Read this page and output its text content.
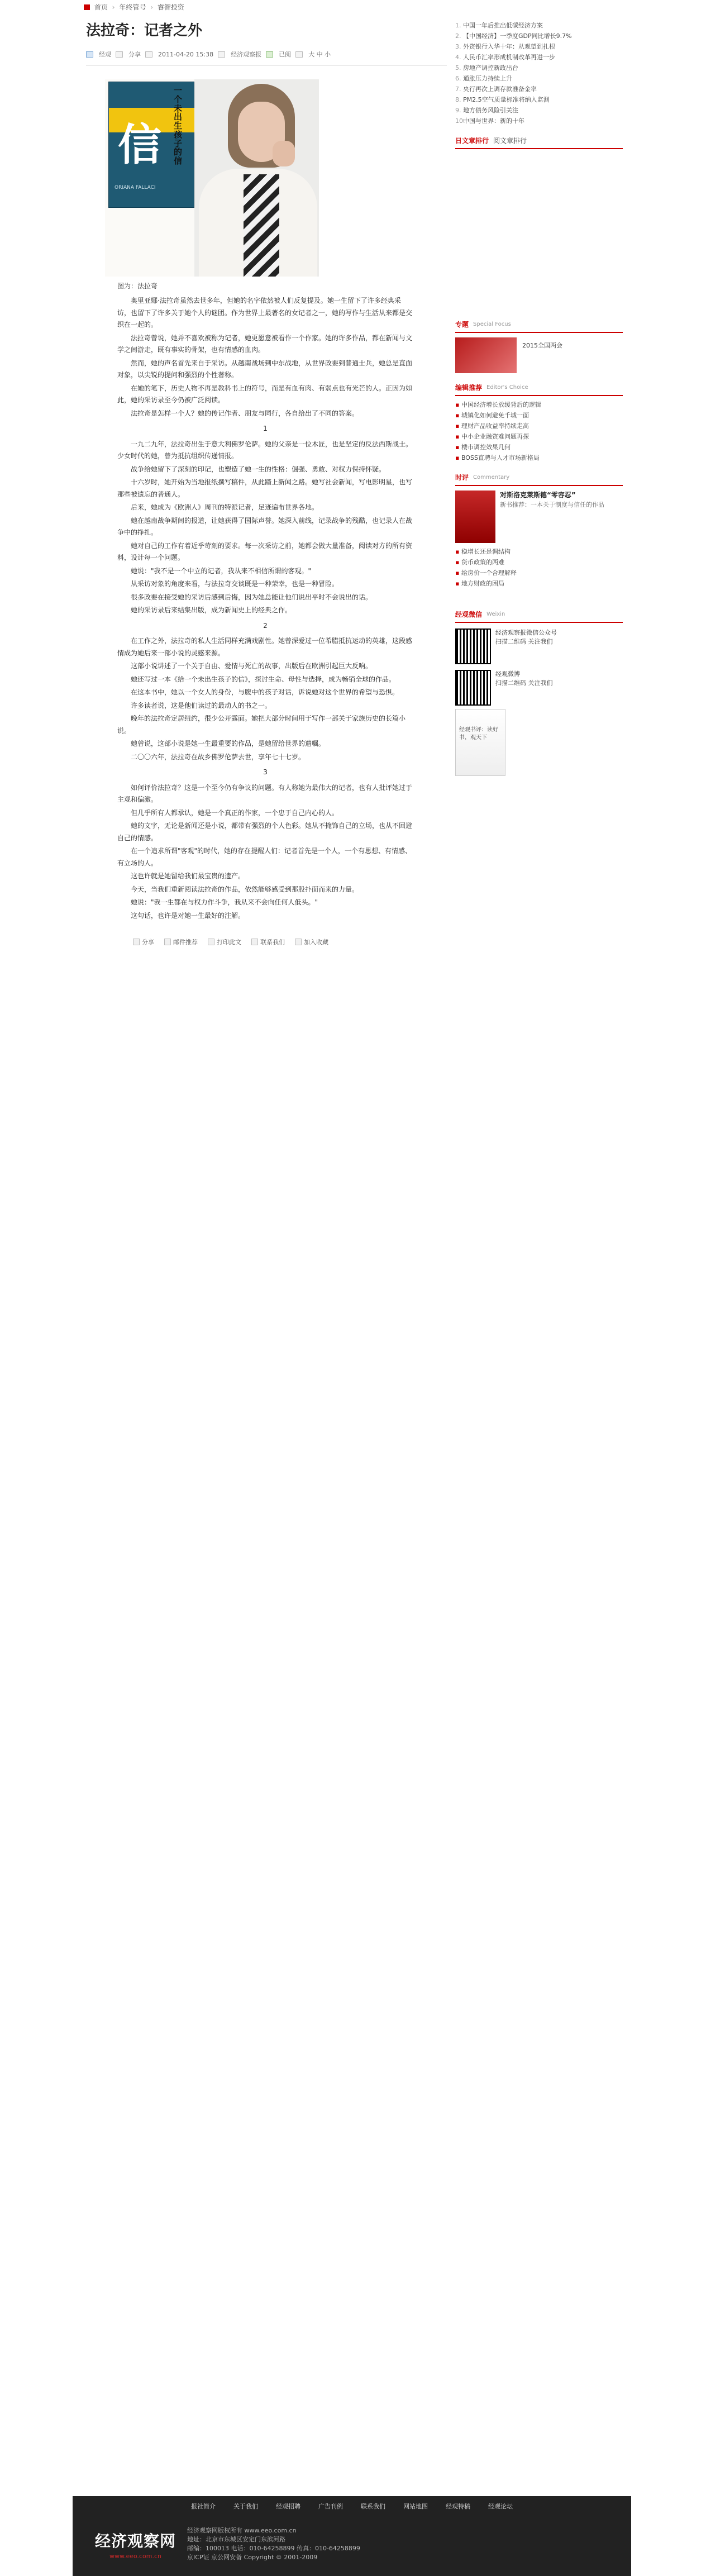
首页 › 年终管号 › 睿智投资
法拉奇：记者之外
经观	分享	2011-04-20 15:38	经济观察报	已阅	大 中 小
信
一个未出生孩子的信
ORIANA FALLACI
图为：法拉奇

奥里亚娜·法拉奇虽然去世多年，但她的名字依然被人们反复提及。她一生留下了许多经典采访，也留下了许多关于她个人的谜团。作为世界上最著名的女记者之一，她的写作与生活从来都是交织在一起的。

法拉奇曾说，她并不喜欢被称为记者，她更愿意被看作一个作家。她的许多作品，都在新闻与文学之间游走，既有事实的骨架，也有情感的血肉。

然而，她的声名首先来自于采访。从越南战场到中东战地，从世界政要到普通士兵，她总是直面对象，以尖锐的提问和强烈的个性著称。

在她的笔下，历史人物不再是教科书上的符号，而是有血有肉、有弱点也有光芒的人。正因为如此，她的采访录至今仍被广泛阅读。

法拉奇是怎样一个人？她的传记作者、朋友与同行，各自给出了不同的答案。

1

一九二九年，法拉奇出生于意大利佛罗伦萨。她的父亲是一位木匠，也是坚定的反法西斯战士。少女时代的她，曾为抵抗组织传递情报。

战争给她留下了深刻的印记，也塑造了她一生的性格：倔强、勇敢、对权力保持怀疑。

十六岁时，她开始为当地报纸撰写稿件，从此踏上新闻之路。她写社会新闻，写电影明星，也写那些被遗忘的普通人。

后来，她成为《欧洲人》周刊的特派记者，足迹遍布世界各地。

她在越南战争期间的报道，让她获得了国际声誉。她深入前线，记录战争的残酷，也记录人在战争中的挣扎。

她对自己的工作有着近乎苛刻的要求。每一次采访之前，她都会做大量准备，阅读对方的所有资料，设计每一个问题。

她说："我不是一个中立的记者，我从来不相信所谓的客观。"

从采访对象的角度来看，与法拉奇交谈既是一种荣幸，也是一种冒险。

很多政要在接受她的采访后感到后悔，因为她总能让他们说出平时不会说出的话。

她的采访录后来结集出版，成为新闻史上的经典之作。

2

在工作之外，法拉奇的私人生活同样充满戏剧性。她曾深爱过一位希腊抵抗运动的英雄，这段感情成为她后来一部小说的灵感来源。

这部小说讲述了一个关于自由、爱情与死亡的故事，出版后在欧洲引起巨大反响。

她还写过一本《给一个未出生孩子的信》，探讨生命、母性与选择，成为畅销全球的作品。

在这本书中，她以一个女人的身份，与腹中的孩子对话，诉说她对这个世界的希望与恐惧。

许多读者说，这是他们读过的最动人的书之一。

晚年的法拉奇定居纽约，很少公开露面。她把大部分时间用于写作一部关于家族历史的长篇小说。

她曾说，这部小说是她一生最重要的作品，是她留给世界的遗嘱。

二〇〇六年，法拉奇在故乡佛罗伦萨去世，享年七十七岁。

3

如何评价法拉奇？这是一个至今仍有争议的问题。有人称她为最伟大的记者，也有人批评她过于主观和偏激。

但几乎所有人都承认，她是一个真正的作家，一个忠于自己内心的人。

她的文字，无论是新闻还是小说，都带有强烈的个人色彩。她从不掩饰自己的立场，也从不回避自己的情感。

在一个追求所谓"客观"的时代，她的存在提醒人们：记者首先是一个人，一个有思想、有情感、有立场的人。

这也许就是她留给我们最宝贵的遗产。

今天，当我们重新阅读法拉奇的作品，依然能够感受到那股扑面而来的力量。

她说："我一生都在与权力作斗争，我从来不会向任何人低头。"

这句话，也许是对她一生最好的注解。

分享	邮件推荐	打印此文	联系我们	加入收藏
1. 中国一年后推出低碳经济方案
2. 【中国经济】一季度GDP同比增长9.7%
3. 外资银行入华十年：从观望到扎根
4. 人民币汇率形成机制改革再进一步
5. 房地产调控新政出台
6. 通胀压力持续上升
7. 央行再次上调存款准备金率
8. PM2.5空气质量标准将纳入监测
9. 地方债务风险引关注
10.中国与世界：新的十年
日文章排行 阅文章排行
专题 Special Focus
2015全国两会
编辑推荐 Editor's Choice
▪ 中国经济增长放缓背后的逻辑
▪ 城镇化如何避免千城一面
▪ 理财产品收益率持续走高
▪ 中小企业融资难问题再探
▪ 楼市调控效果几何
▪ BOSS直聘与人才市场新格局
时评 Commentary
对斯洛克莱斯德“零容忍”
新书推荐：一本关于制度与信任的作品
▪ 稳增长还是调结构
▪ 货币政策的两难
▪ 给房价一个合理解释
▪ 地方财政的困局
经观微信 Weixin
经济观察报微信公众号
扫描二维码 关注我们
经观微博
扫描二维码 关注我们
经观书评：读好书，观天下
报社简介	关于我们	经观招聘	广告刊例	联系我们	网站地图	经观特稿	经观论坛
经济观察网
www.eeo.com.cn
经济观察网版权所有 www.eeo.com.cn
地址：北京市东城区安定门东滨河路
邮编：100013 电话：010-64258899 传真：010-64258899
京ICP证 京公网安备 Copyright © 2001-2009
